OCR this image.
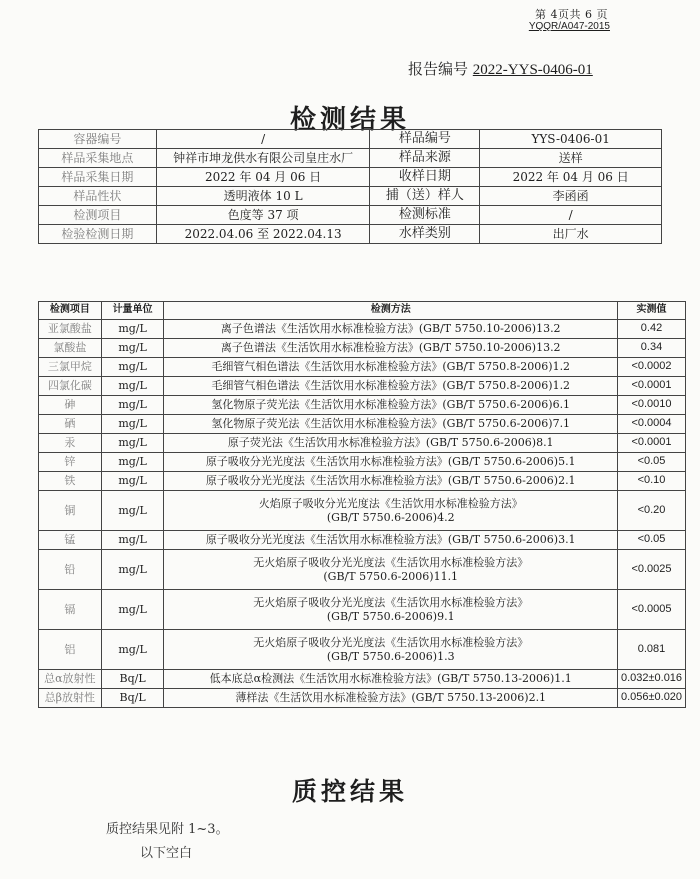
第 4页共 6 页
YQQR/A047-2015
报告编号 2022-YYS-0406-01
检测结果
容器编号	/	样品编号	YYS-0406-01
样品采集地点	钟祥市坤龙供水有限公司皇庄水厂	样品来源	送样
样品采集日期	2022 年 04 月 06 日	收样日期	2022 年 04 月 06 日
样品性状	透明液体 10 L	捕（送）样人	李函函
检测项目	色度等 37 项	检测标准	/
检验检测日期	2022.04.06 至 2022.04.13	水样类别	出厂水
检测项目	计量单位	检测方法	实测值
亚氯酸盐	mg/L	离子色谱法《生活饮用水标准检验方法》(GB/T 5750.10-2006)13.2	0.42
氯酸盐	mg/L	离子色谱法《生活饮用水标准检验方法》(GB/T 5750.10-2006)13.2	0.34
三氯甲烷	mg/L	毛细管气相色谱法《生活饮用水标准检验方法》(GB/T 5750.8-2006)1.2	<0.0002
四氯化碳	mg/L	毛细管气相色谱法《生活饮用水标准检验方法》(GB/T 5750.8-2006)1.2	<0.0001
砷	mg/L	氢化物原子荧光法《生活饮用水标准检验方法》(GB/T 5750.6-2006)6.1	<0.0010
硒	mg/L	氢化物原子荧光法《生活饮用水标准检验方法》(GB/T 5750.6-2006)7.1	<0.0004
汞	mg/L	原子荧光法《生活饮用水标准检验方法》(GB/T 5750.6-2006)8.1	<0.0001
锌	mg/L	原子吸收分光光度法《生活饮用水标准检验方法》(GB/T 5750.6-2006)5.1	<0.05
铁	mg/L	原子吸收分光光度法《生活饮用水标准检验方法》(GB/T 5750.6-2006)2.1	<0.10
铜	mg/L	火焰原子吸收分光光度法《生活饮用水标准检验方法》
(GB/T 5750.6-2006)4.2	<0.20
锰	mg/L	原子吸收分光光度法《生活饮用水标准检验方法》(GB/T 5750.6-2006)3.1	<0.05
铅	mg/L	无火焰原子吸收分光光度法《生活饮用水标准检验方法》
(GB/T 5750.6-2006)11.1	<0.0025
镉	mg/L	无火焰原子吸收分光光度法《生活饮用水标准检验方法》
(GB/T 5750.6-2006)9.1	<0.0005
铝	mg/L	无火焰原子吸收分光光度法《生活饮用水标准检验方法》
(GB/T 5750.6-2006)1.3	0.081
总α放射性	Bq/L	低本底总α检测法《生活饮用水标准检验方法》(GB/T 5750.13-2006)1.1	0.032±0.016
总β放射性	Bq/L	薄样法《生活饮用水标准检验方法》(GB/T 5750.13-2006)2.1	0.056±0.020
质控结果
质控结果见附 1~3。
以下空白
